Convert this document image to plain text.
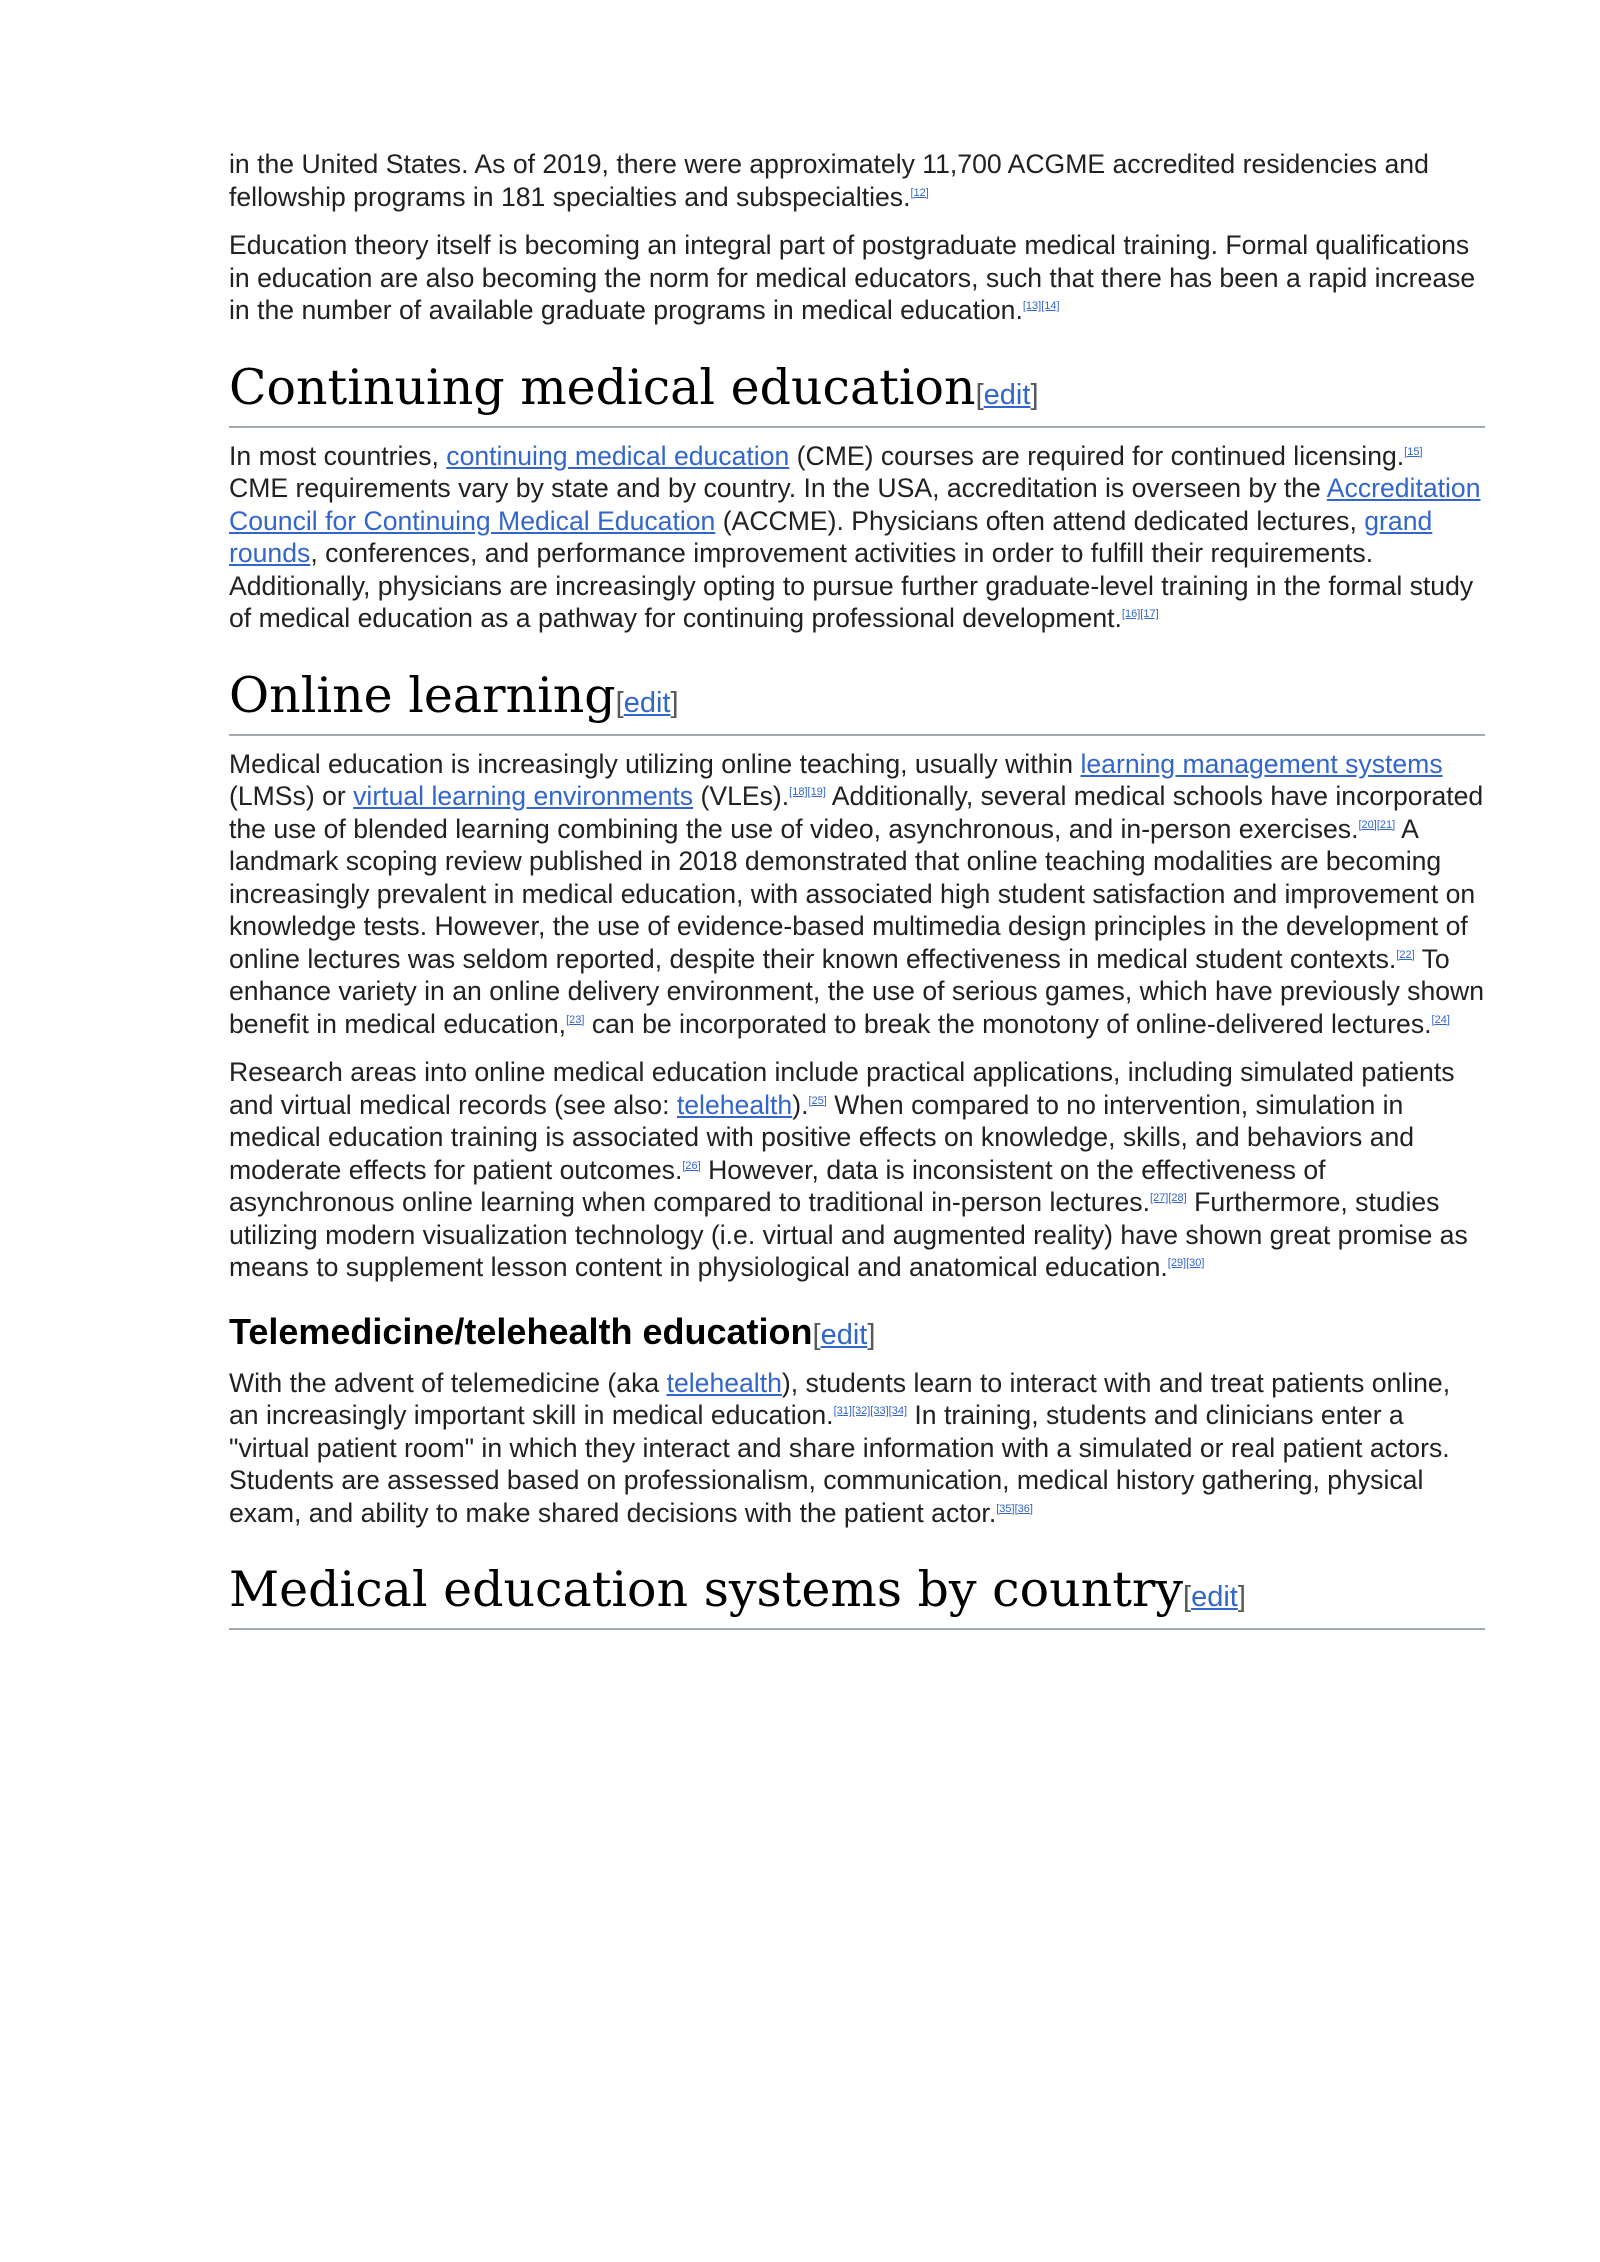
in the United States. As of 2019, there were approximately 11,700 ACGME accredited residencies and fellowship programs in 181 specialties and subspecialties.[12]

Education theory itself is becoming an integral part of postgraduate medical training. Formal qualifications in education are also becoming the norm for medical educators, such that there has been a rapid increase in the number of available graduate programs in medical education.[13][14]

Continuing medical education[edit]

In most countries, continuing medical education (CME) courses are required for continued licensing.[15] CME requirements vary by state and by country. In the USA, accreditation is overseen by the Accreditation Council for Continuing Medical Education (ACCME). Physicians often attend dedicated lectures, grand rounds, conferences, and performance improvement activities in order to fulfill their requirements. Additionally, physicians are increasingly opting to pursue further graduate-level training in the formal study of medical education as a pathway for continuing professional development.[16][17]

Online learning[edit]

Medical education is increasingly utilizing online teaching, usually within learning management systems (LMSs) or virtual learning environments (VLEs).[18][19] Additionally, several medical schools have incorporated the use of blended learning combining the use of video, asynchronous, and in-person exercises.[20][21] A landmark scoping review published in 2018 demonstrated that online teaching modalities are becoming increasingly prevalent in medical education, with associated high student satisfaction and improvement on knowledge tests. However, the use of evidence-based multimedia design principles in the development of online lectures was seldom reported, despite their known effectiveness in medical student contexts.[22] To enhance variety in an online delivery environment, the use of serious games, which have previously shown benefit in medical education,[23] can be incorporated to break the monotony of online-delivered lectures.[24]

Research areas into online medical education include practical applications, including simulated patients and virtual medical records (see also: telehealth).[25] When compared to no intervention, simulation in medical education training is associated with positive effects on knowledge, skills, and behaviors and moderate effects for patient outcomes.[26] However, data is inconsistent on the effectiveness of asynchronous online learning when compared to traditional in-person lectures.[27][28] Furthermore, studies utilizing modern visualization technology (i.e. virtual and augmented reality) have shown great promise as means to supplement lesson content in physiological and anatomical education.[29][30]

Telemedicine/telehealth education[edit]

With the advent of telemedicine (aka telehealth), students learn to interact with and treat patients online, an increasingly important skill in medical education.[31][32][33][34] In training, students and clinicians enter a "virtual patient room" in which they interact and share information with a simulated or real patient actors. Students are assessed based on professionalism, communication, medical history gathering, physical exam, and ability to make shared decisions with the patient actor.[35][36]

Medical education systems by country[edit]
